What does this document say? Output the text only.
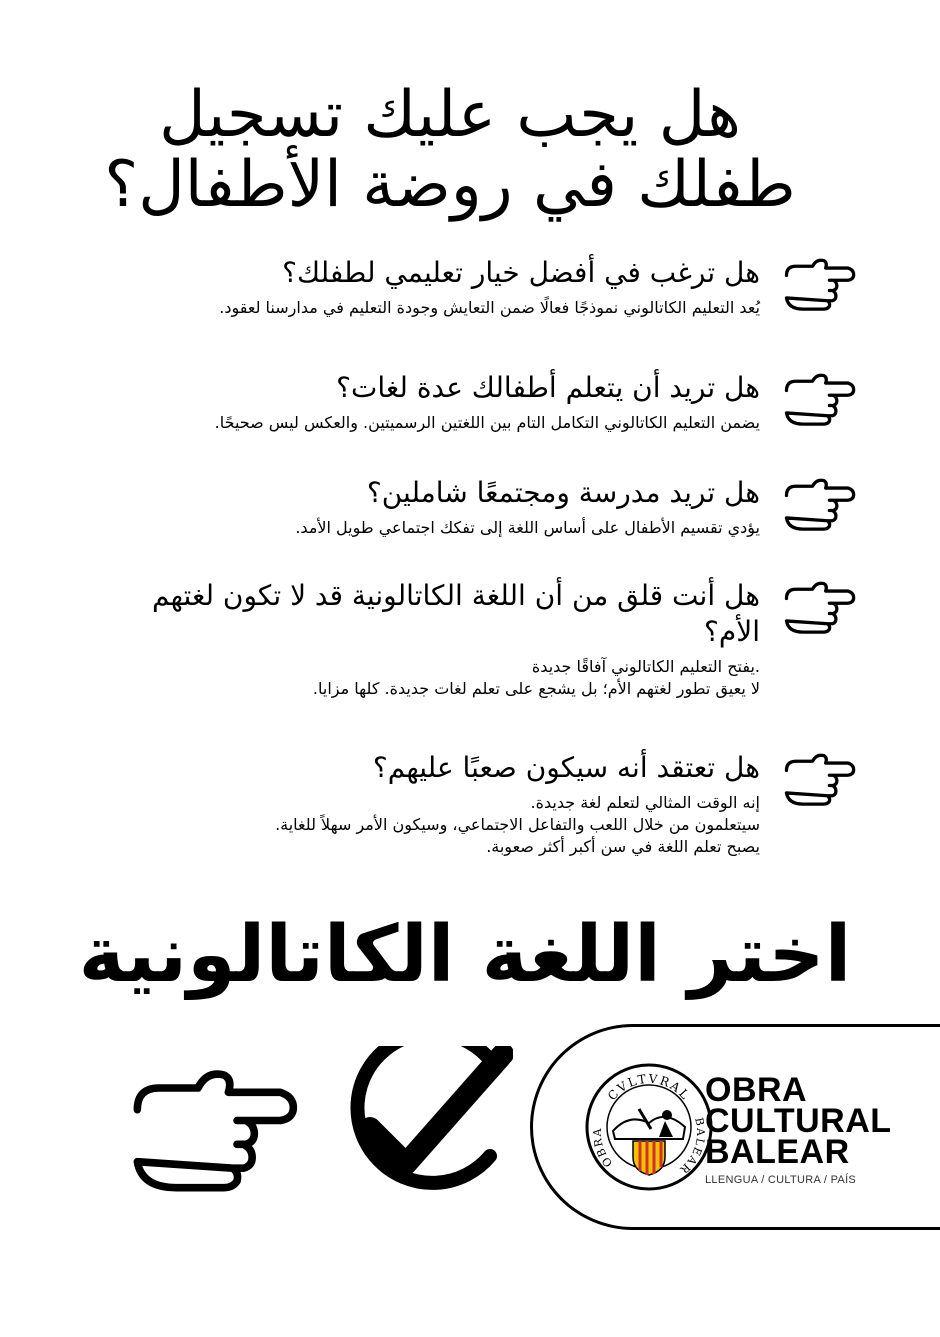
هل يجب عليك تسجيل
طفلك في روضة الأطفال؟

هل ترغب في أفضل خيار تعليمي لطفلك؟

يُعد التعليم الكاتالوني نموذجًا فعالًا ضمن التعايش وجودة التعليم في مدارسنا لعقود.

هل تريد أن يتعلم أطفالك عدة لغات؟

يضمن التعليم الكاتالوني التكامل التام بين اللغتين الرسميتين. والعكس ليس صحيحًا.

هل تريد مدرسة ومجتمعًا شاملين؟

يؤدي تقسيم الأطفال على أساس اللغة إلى تفكك اجتماعي طويل الأمد.

هل أنت قلق من أن اللغة الكاتالونية قد لا تكون لغتهم الأم؟

.يفتح التعليم الكاتالوني آفاقًا جديدة
لا يعيق تطور لغتهم الأم؛ بل يشجع على تعلم لغات جديدة. كلها مزايا.

هل تعتقد أنه سيكون صعبًا عليهم؟

إنه الوقت المثالي لتعلم لغة جديدة.
سيتعلمون من خلال اللعب والتفاعل الاجتماعي، وسيكون الأمر سهلاً للغاية.
يصبح تعلم اللغة في سن أكبر أكثر صعوبة.

اختر اللغة الكاتالونية
CVLTVRAL
OBRA
BALEAR
OBRA
CULTURAL
BALEAR
LLENGUA / CULTURA / PAÍS
